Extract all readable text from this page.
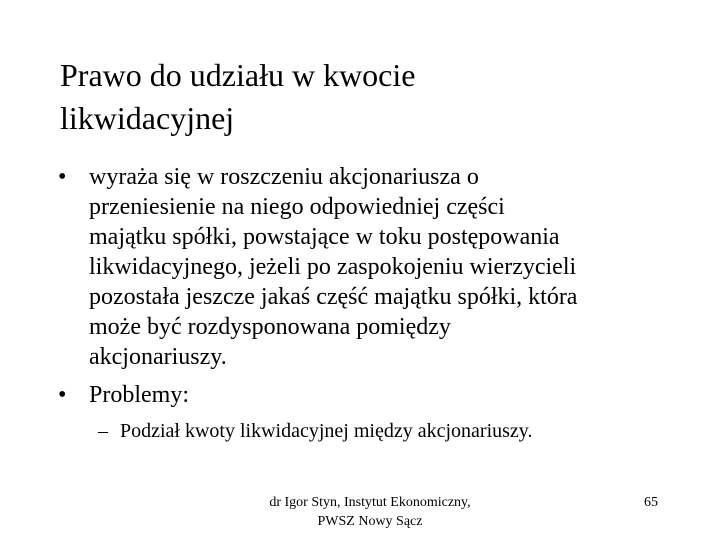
Prawo do udziału w kwocie
likwidacyjnej
• wyraża się w roszczeniu akcjonariusza o
przeniesienie na niego odpowiedniej części
majątku spółki, powstające w toku postępowania
likwidacyjnego, jeżeli po zaspokojeniu wierzycieli
pozostała jeszcze jakaś część majątku spółki, która
może być rozdysponowana pomiędzy
akcjonariuszy.
• Problemy:
– Podział kwoty likwidacyjnej między akcjonariuszy.
dr Igor Styn, Instytut Ekonomiczny,
PWSZ Nowy Sącz
65
